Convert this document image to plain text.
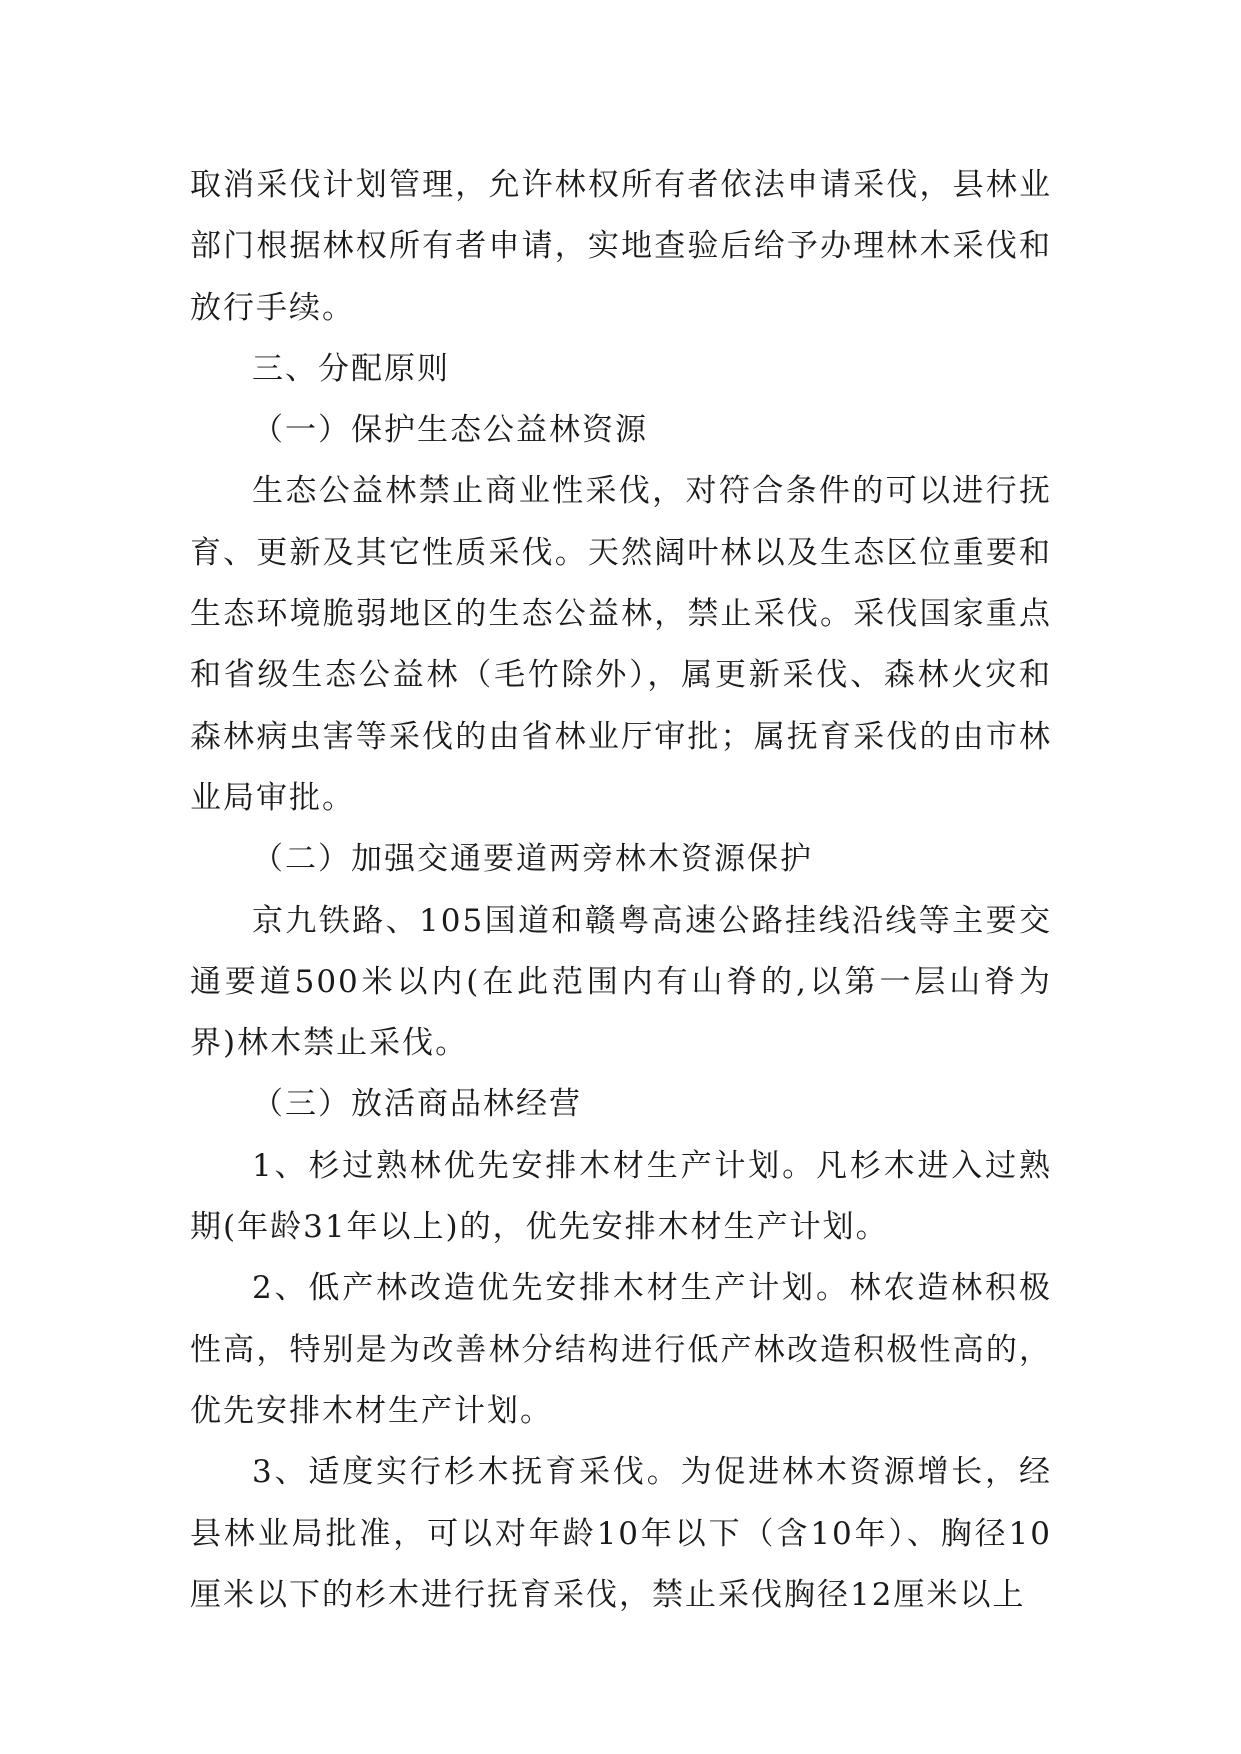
取消采伐计划管理，允许林权所有者依法申请采伐，县林业部门根据林权所有者申请，实地查验后给予办理林木采伐和放行手续。

三、分配原则

（一）保护生态公益林资源

生态公益林禁止商业性采伐，对符合条件的可以进行抚育、更新及其它性质采伐。天然阔叶林以及生态区位重要和生态环境脆弱地区的生态公益林，禁止采伐。采伐国家重点和省级生态公益林（毛竹除外），属更新采伐、森林火灾和森林病虫害等采伐的由省林业厅审批；属抚育采伐的由市林业局审批。

（二）加强交通要道两旁林木资源保护

京九铁路、105国道和赣粤高速公路挂线沿线等主要交通要道500米以内(在此范围内有山脊的,以第一层山脊为界)林木禁止采伐。

（三）放活商品林经营

1、杉过熟林优先安排木材生产计划。凡杉木进入过熟期(年龄31年以上)的，优先安排木材生产计划。

2、低产林改造优先安排木材生产计划。林农造林积极性高，特别是为改善林分结构进行低产林改造积极性高的，优先安排木材生产计划。

3、适度实行杉木抚育采伐。为促进林木资源增长，经县林业局批准，可以对年龄10年以下（含10年）、胸径10厘米以下的杉木进行抚育采伐，禁止采伐胸径12厘米以上
